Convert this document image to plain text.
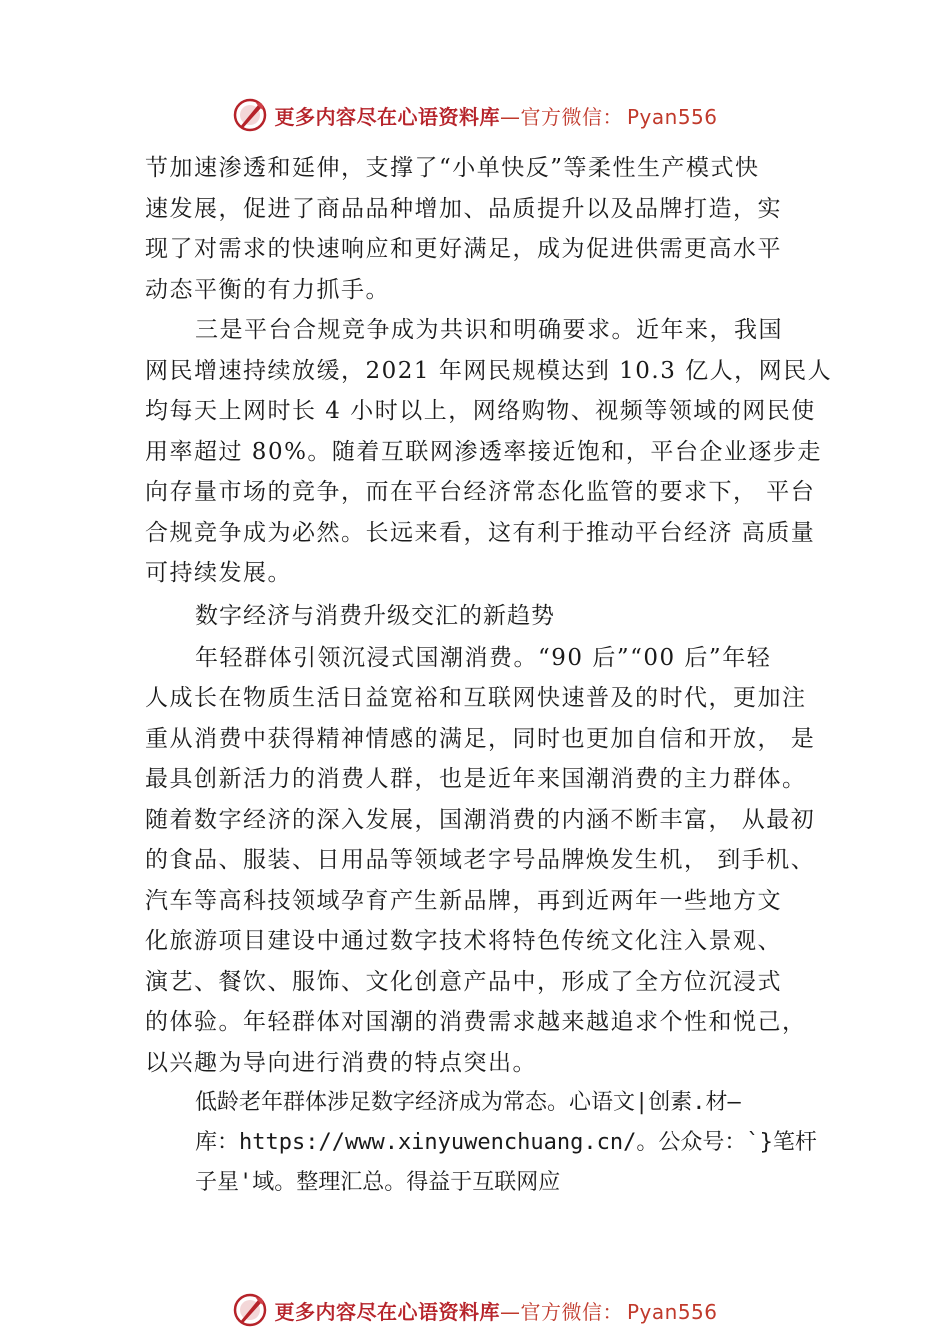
更多内容尽在心语资料库—官方微信： Pyan556
节加速渗透和延伸，支撑了“小单快反”等柔性生产模式快
速发展，促进了商品品种增加、品质提升以及品牌打造，实
现了对需求的快速响应和更好满足，成为促进供需更高水平
动态平衡的有力抓手。
三是平台合规竞争成为共识和明确要求。近年来，我国
网民增速持续放缓，2021 年网民规模达到 10.3 亿人，网民人
均每天上网时长 4 小时以上，网络购物、视频等领域的网民使
用率超过 80%。随着互联网渗透率接近饱和，平台企业逐步走
向存量市场的竞争，而在平台经济常态化监管的要求下， 平台
合规竞争成为必然。长远来看，这有利于推动平台经济 高质量
可持续发展。
数字经济与消费升级交汇的新趋势
年轻群体引领沉浸式国潮消费。“90 后”“00 后”年轻
人成长在物质生活日益宽裕和互联网快速普及的时代，更加注
重从消费中获得精神情感的满足，同时也更加自信和开放， 是
最具创新活力的消费人群，也是近年来国潮消费的主力群体。
随着数字经济的深入发展，国潮消费的内涵不断丰富， 从最初
的食品、服装、日用品等领域老字号品牌焕发生机， 到手机、
汽车等高科技领域孕育产生新品牌，再到近两年一些地方文
化旅游项目建设中通过数字技术将特色传统文化注入景观、
演艺、餐饮、服饰、文化创意产品中，形成了全方位沉浸式
的体验。年轻群体对国潮的消费需求越来越追求个性和悦己，
以兴趣为导向进行消费的特点突出。
低龄老年群体涉足数字经济成为常态。心语文|创素.材—
库：https://www.xinyuwenchuang.cn/。公众号：`}笔杆
子星'域。整理汇总。得益于互联网应
更多内容尽在心语资料库—官方微信： Pyan556
